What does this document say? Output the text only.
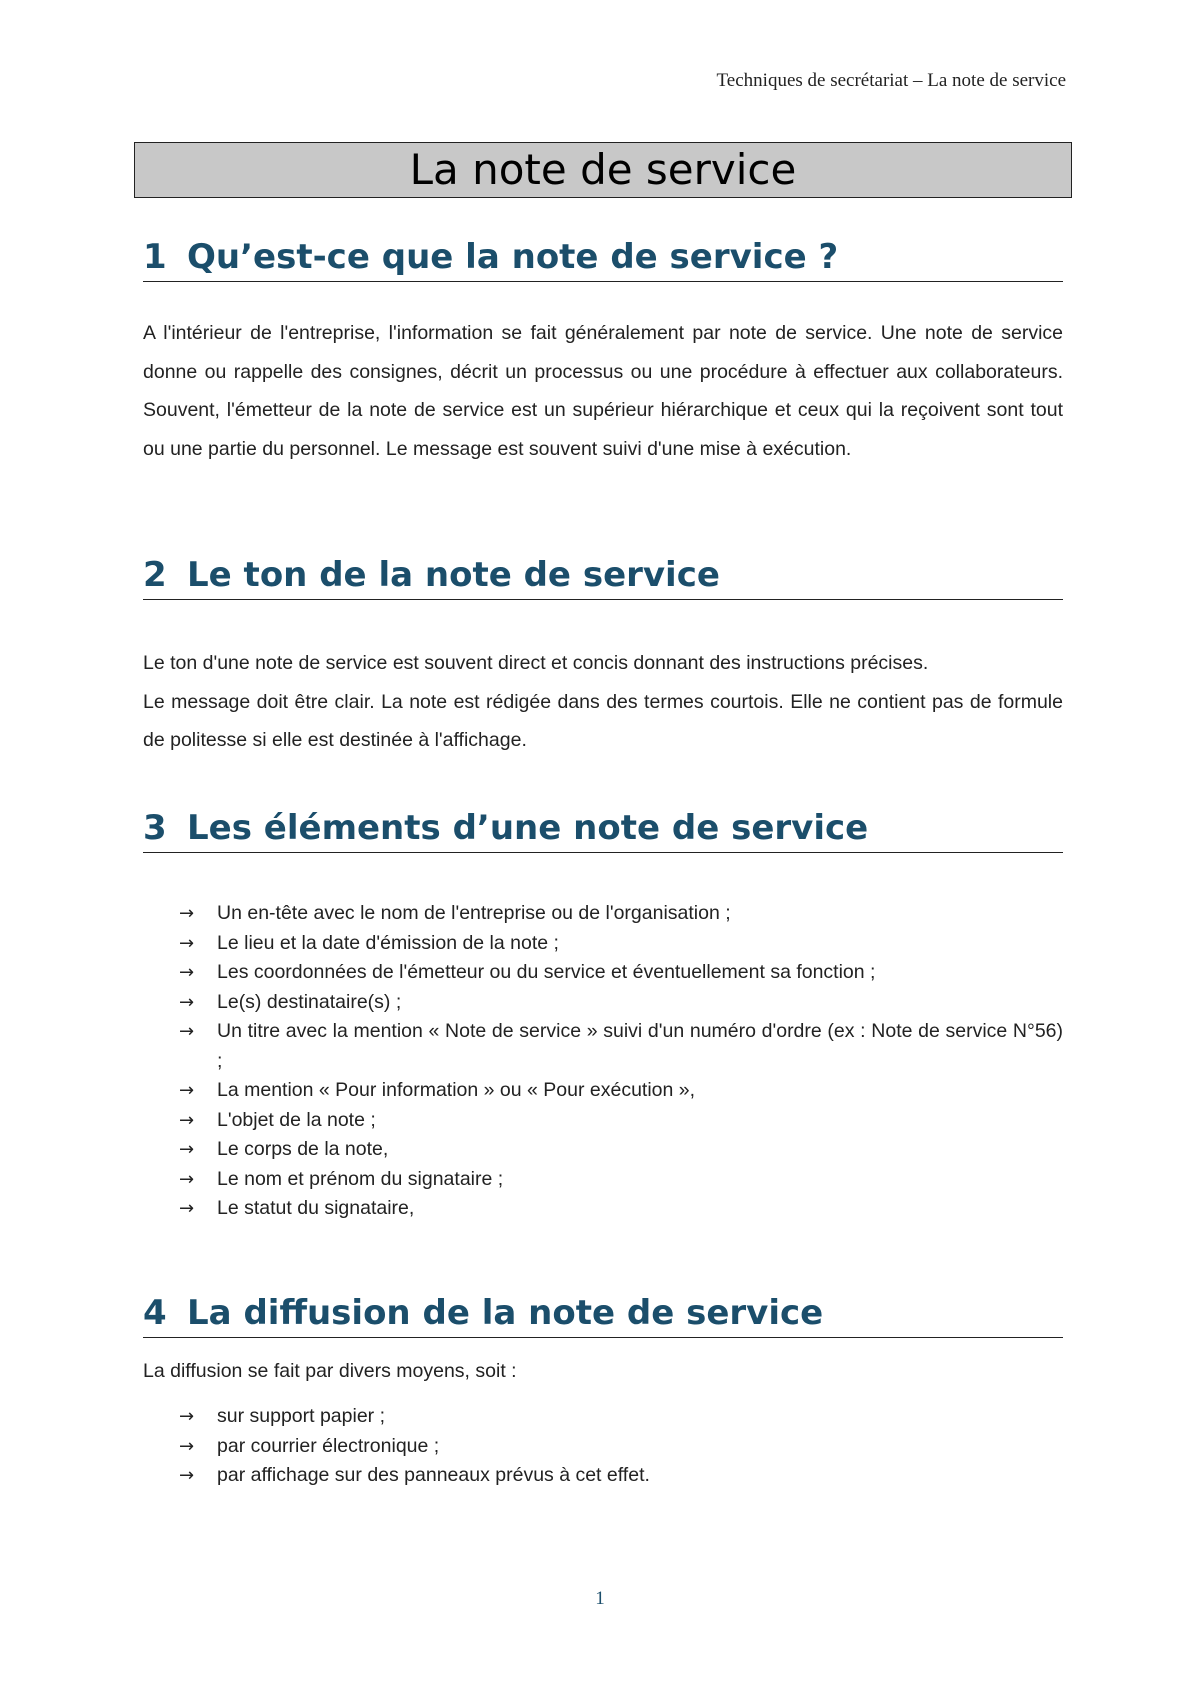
Techniques de secrétariat – La note de service
La note de service
1 Qu’est-ce que la note de service ?

A l'intérieur de l'entreprise, l'information se fait généralement par note de service. Une note de service donne ou rappelle des consignes, décrit un processus ou une procédure à effectuer aux collaborateurs. Souvent, l'émetteur de la note de service est un supérieur hiérarchique et ceux qui la reçoivent sont tout ou une partie du personnel. Le message est souvent suivi d'une mise à exécution.

2 Le ton de la note de service

Le ton d'une note de service est souvent direct et concis donnant des instructions précises.

Le message doit être clair. La note est rédigée dans des termes courtois. Elle ne contient pas de formule de politesse si elle est destinée à l'affichage.

3 Les éléments d’une note de service
→ Un en-tête avec le nom de l'entreprise ou de l'organisation ;
→ Le lieu et la date d'émission de la note ;
→ Les coordonnées de l'émetteur ou du service et éventuellement sa fonction ;
→ Le(s) destinataire(s) ;
→ Un titre avec la mention « Note de service » suivi d'un numéro d'ordre (ex : Note de service N°56) ;
→ La mention « Pour information » ou « Pour exécution »,
→ L'objet de la note ;
→ Le corps de la note,
→ Le nom et prénom du signataire ;
→ Le statut du signataire,
4 La diffusion de la note de service

La diffusion se fait par divers moyens, soit :

→ sur support papier ;
→ par courrier électronique ;
→ par affichage sur des panneaux prévus à cet effet.
1
